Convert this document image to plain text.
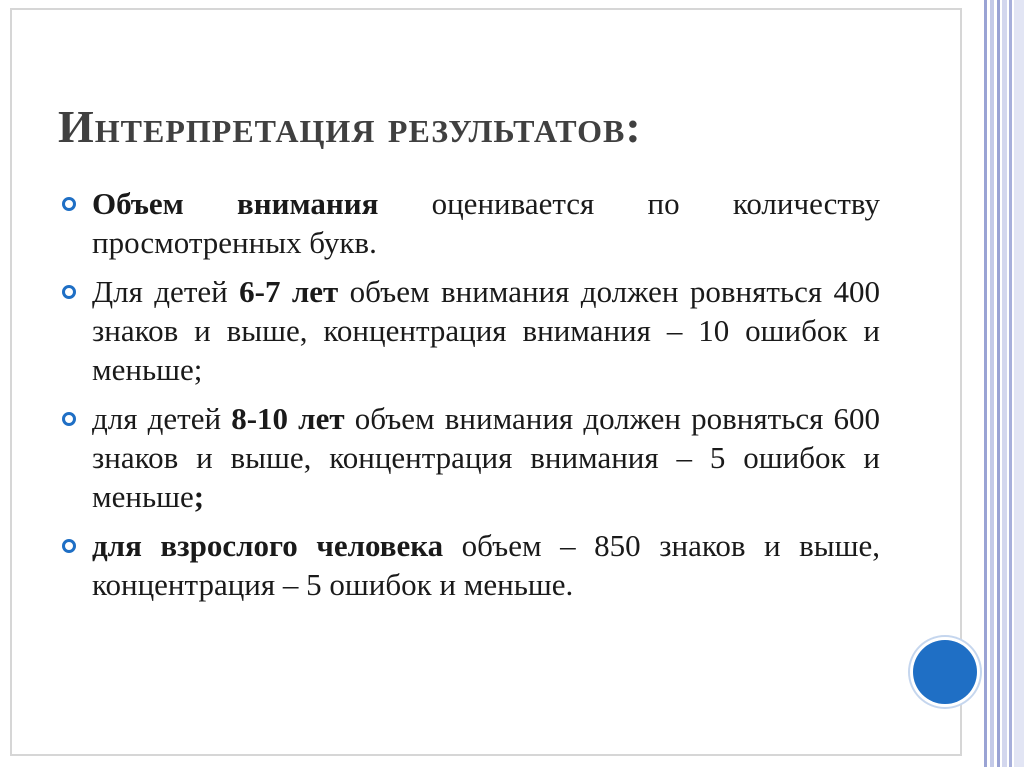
Интерпретация результатов:
Объем внимания оценивается по количеству просмотренных букв.
Для детей 6-7 лет объем внимания должен ровняться 400 знаков и выше, концентрация внимания – 10 ошибок и меньше;
для детей 8-10 лет объем внимания должен ровняться 600 знаков и выше, концентрация внимания – 5 ошибок и меньше;
для взрослого человека объем – 850 знаков и выше, концентрация – 5 ошибок и меньше.
